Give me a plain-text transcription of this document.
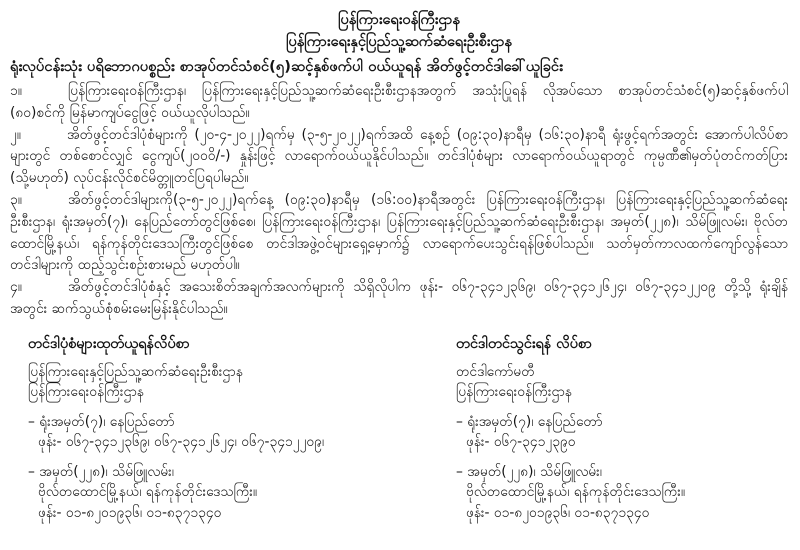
ပြန်ကြားရေးဝန်ကြီးဌာန
ပြန်ကြားရေးနှင့်ပြည်သူ့ဆက်ဆံရေးဦးစီးဌာန
ရုံးလုပ်ငန်းသုံး ပရိဘောဂပစ္စည်း စာအုပ်တင်သံစင်(၅)ဆင့်နှစ်ဖက်ပါ ဝယ်ယူရန် အိတ်ဖွင့်တင်ဒါခေါ်ယူခြင်း

၁။	ပြန်ကြားရေးဝန်ကြီးဌာန၊ ပြန်ကြားရေးနှင့်ပြည်သူ့ဆက်ဆံရေးဦးစီးဌာနအတွက် အသုံးပြုရန် လိုအပ်သော စာအုပ်တင်သံစင်(၅)ဆင့်နှစ်ဖက်ပါ (၈၀)စင်ကို မြန်မာကျပ်ငွေဖြင့် ဝယ်ယူလိုပါသည်။

၂။	အိတ်ဖွင့်တင်ဒါပုံစံများကို (၂၀-၄-၂၀၂၂)ရက်မှ (၃-၅-၂၀၂၂)ရက်အထိ နေ့စဉ် (၀၉:၃၀)နာရီမှ (၁၆:၃၀)နာရီ ရုံးဖွင့်ရက်အတွင်း အောက်ပါလိပ်စာများတွင် တစ်စောင်လျှင် ငွေကျပ်(၂၀၀၀ိ/-) နှုန်းဖြင့် လာရောက်ဝယ်ယူနိုင်ပါသည်။ တင်ဒါပုံစံများ လာရောက်ဝယ်ယူရာတွင် ကုမ္ပဏီ၏မှတ်ပုံတင်ကတ်ပြား (သို့မဟုတ်) လုပ်ငန်းလိုင်စင်မိတ္တူတင်ပြရပါမည်။

၃။	အိတ်ဖွင့်တင်ဒါများကို(၃-၅-၂၀၂၂)ရက်နေ့ (၀၉:၃၀)နာရီမှ (၁၆:၀၀)နာရီအတွင်း ပြန်ကြားရေးဝန်ကြီးဌာန၊ ပြန်ကြားရေးနှင့်ပြည်သူ့ဆက်ဆံရေးဦးစီးဌာန၊ ရုံးအမှတ်(၇)၊ နေပြည်တော်တွင်ဖြစ်စေ၊ ပြန်ကြားရေးဝန်ကြီးဌာန၊ ပြန်ကြားရေးနှင့်ပြည်သူ့ဆက်ဆံရေးဦးစီးဌာန၊ အမှတ်(၂၂၈)၊ သိမ်ဖြူလမ်း၊ ဗိုလ်တထောင်မြို့နယ်၊ ရန်ကုန်တိုင်းဒေသကြီးတွင်ဖြစ်စေ တင်ဒါအဖွဲ့ဝင်များရှေ့မှောက်၌ လာရောက်ပေးသွင်းရန်ဖြစ်ပါသည်။ သတ်မှတ်ကာလထက်ကျော်လွန်သော တင်ဒါများကို ထည့်သွင်းစဉ်းစားမည် မဟုတ်ပါ။

၄။	အိတ်ဖွင့်တင်ဒါပုံစံနှင့် အသေးစိတ်အချက်အလက်များကို သိရှိလိုပါက ဖုန်း- ၀၆၇-၃၄၁၂၃၆၉၊ ၀၆၇-၃၄၁၂၆၂၄၊ ၀၆၇-၃၄၁၂၂၀၉ တို့သို့ ရုံးချိန်အတွင်း ဆက်သွယ်စုံစမ်းမေးမြန်းနိုင်ပါသည်။

တင်ဒါပုံစံများထုတ်ယူရန်လိပ်စာ
ပြန်ကြားရေးနှင့်ပြည်သူ့ဆက်ဆံရေးဦးစီးဌာန
ပြန်ကြားရေးဝန်ကြီးဌာန
– ရုံးအမှတ်(၇)၊ နေပြည်တော်
ဖုန်း- ၀၆၇-၃၄၁၂၃၆၉၊ ၀၆၇-၃၄၁၂၆၂၄၊ ၀၆၇-၃၄၁၂၂၀၉၊
– အမှတ်(၂၂၈)၊ သိမ်ဖြူလမ်း၊
ဗိုလ်တထောင်မြို့နယ်၊ ရန်ကုန်တိုင်းဒေသကြီး။
ဖုန်း- ၀၁-၈၂၀၁၉၃၆၊ ၀၁-၈၃၇၁၃၄၀
တင်ဒါတင်သွင်းရန် လိပ်စာ
တင်ဒါကော်မတီ
ပြန်ကြားရေးဝန်ကြီးဌာန
– ရုံးအမှတ်(၇)၊ နေပြည်တော်
ဖုန်း- ၀၆၇-၃၄၁၂၃၉၀
– အမှတ်(၂၂၈)၊ သိမ်ဖြူလမ်း၊
ဗိုလ်တထောင်မြို့နယ်၊ ရန်ကုန်တိုင်းဒေသကြီး။
ဖုန်း- ၀၁-၈၂၀၁၉၃၆၊ ၀၁-၈၃၇၁၃၄၀
